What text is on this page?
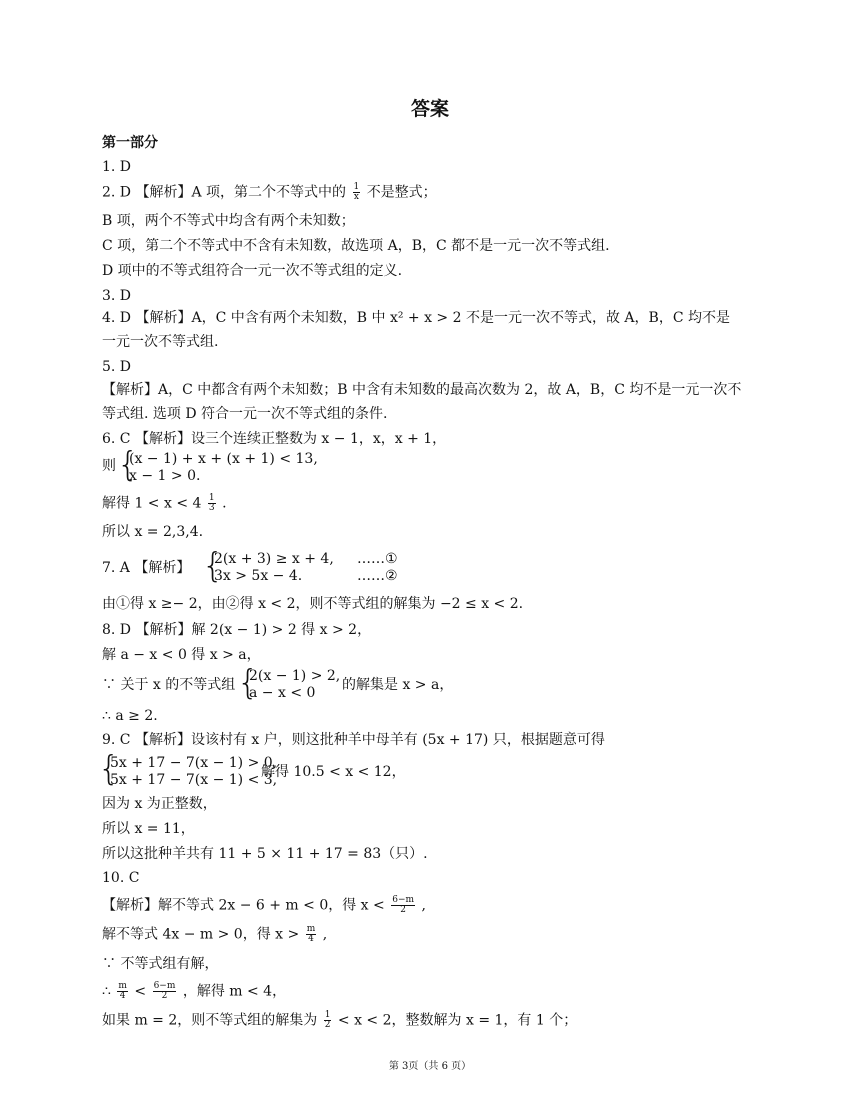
答案
第一部分
1. D
2. D 【解析】A 项，第二个不等式中的 $\frac{1}{x}$ 不是整式；
B 项，两个不等式中均含有两个未知数；
C 项，第二个不等式中不含有未知数，故选项 A，B，C 都不是一元一次不等式组.
D 项中的不等式组符合一元一次不等式组的定义.
3. D
4. D 【解析】A，C 中含有两个未知数，B 中 x² + x > 2 不是一元一次不等式，故 A，B，C 均不是
一元一次不等式组.
5. D
【解析】A，C 中都含有两个未知数；B 中含有未知数的最高次数为 2，故 A，B，C 均不是一元一次不
等式组. 选项 D 符合一元一次不等式组的条件.
6. C 【解析】设三个连续正整数为 x − 1，x，x + 1，
则 {
(x − 1) + x + (x + 1) < 13,
x − 1 > 0.
解得 $1 < x < 4 \frac{1}{3}$ .
所以 x = 2,3,4.
7. A 【解析】 {
2(x + 3) ≥ x + 4,
3x > 5x − 4.
……①
……②
由①得 x ≥− 2，由②得 x < 2，则不等式组的解集为 −2 ≤ x < 2.
8. D 【解析】解 2(x − 1) > 2 得 x > 2，
解 a − x < 0 得 x > a，
∵ 关于 x 的不等式组 {
2(x − 1) > 2,
a − x < 0	的解集是 x > a，
∴ a ≥ 2.
9. C 【解析】设该村有 x 户，则这批种羊中母羊有 (5x + 17) 只，根据题意可得
{
5x + 17 − 7(x − 1) > 0,
5x + 17 − 7(x − 1) < 3,
解得 10.5 < x < 12，
因为 x 为正整数，
所以 x = 11，
所以这批种羊共有 11 + 5 × 11 + 17 = 83（只）.
10. C
【解析】解不等式 2x − 6 + m < 0，得 $x < \frac{6-m}{2}$ ,
解不等式 4x − m > 0，得 $x > \frac{m}{4}$ ,
∵ 不等式组有解，
∴ $\frac{m}{4} < \frac{6-m}{2}$ ，解得 m < 4，
如果 m = 2，则不等式组的解集为 $\frac{1}{2} < x < 2$，整数解为 x = 1，有 1 个；
第 3页（共 6 页）
